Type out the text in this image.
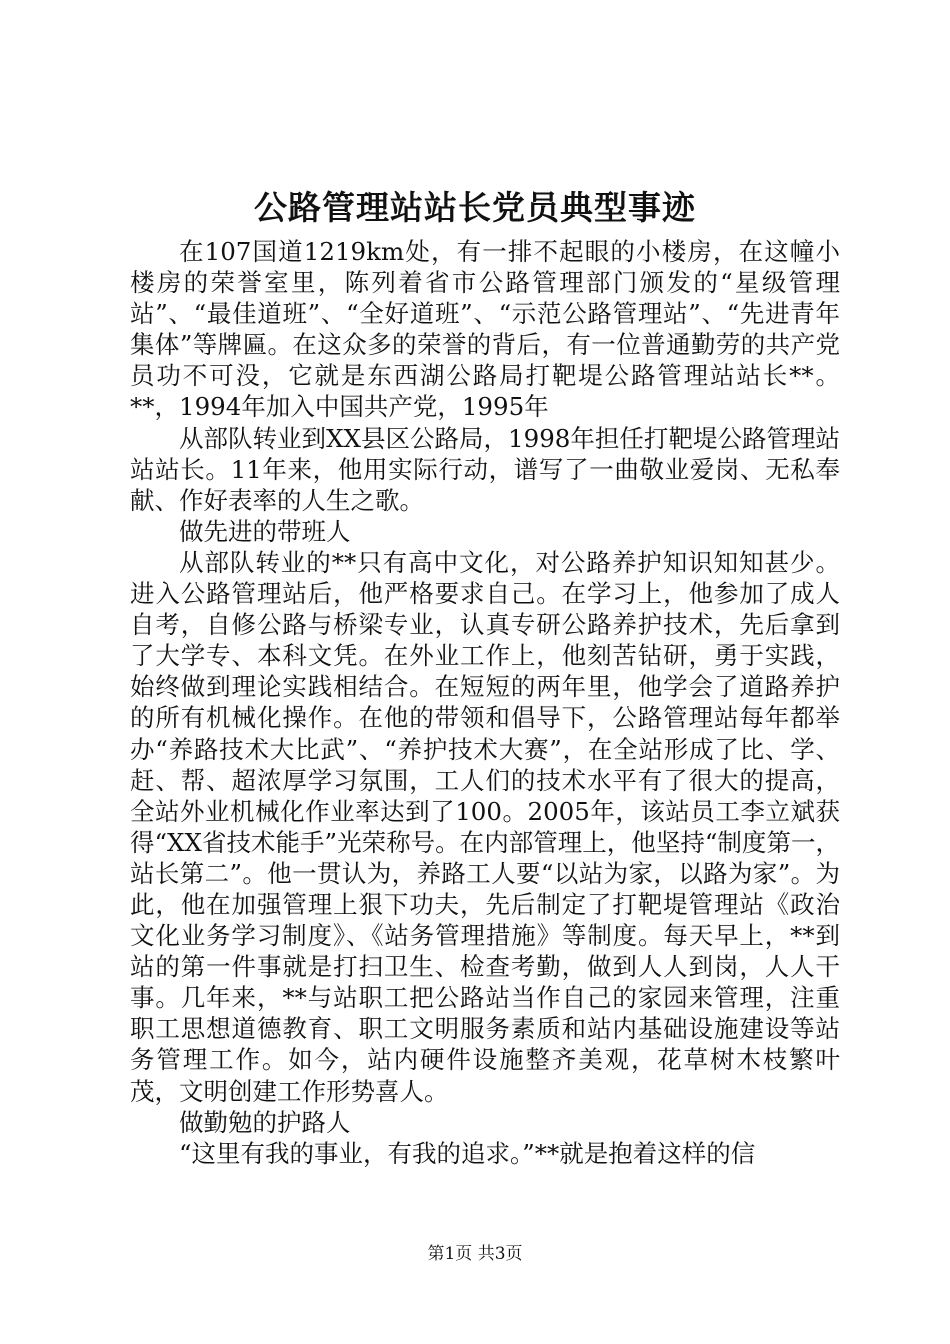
公路管理站站长党员典型事迹

在107国道1219km处，有一排不起眼的小楼房，在这幢小楼房的荣誉室里，陈列着省市公路管理部门颁发的“星级管理站”、“最佳道班”、“全好道班”、“示范公路管理站”、“先进青年集体”等牌匾。在这众多的荣誉的背后，有一位普通勤劳的共产党员功不可没，它就是东西湖公路局打靶堤公路管理站站长**。**，1994年加入中国共产党，1995年

从部队转业到XX县区公路局，1998年担任打靶堤公路管理站站站长。11年来，他用实际行动，谱写了一曲敬业爱岗、无私奉献、作好表率的人生之歌。

做先进的带班人

从部队转业的**只有高中文化，对公路养护知识知知甚少。进入公路管理站后，他严格要求自己。在学习上，他参加了成人自考，自修公路与桥梁专业，认真专研公路养护技术，先后拿到了大学专、本科文凭。在外业工作上，他刻苦钻研，勇于实践，始终做到理论实践相结合。在短短的两年里，他学会了道路养护的所有机械化操作。在他的带领和倡导下，公路管理站每年都举办“养路技术大比武”、“养护技术大赛”，在全站形成了比、学、赶、帮、超浓厚学习氛围，工人们的技术水平有了很大的提高，全站外业机械化作业率达到了100。2005年，该站员工李立斌获得“XX省技术能手”光荣称号。在内部管理上，他坚持“制度第一，站长第二”。他一贯认为，养路工人要“以站为家，以路为家”。为此，他在加强管理上狠下功夫，先后制定了打靶堤管理站《政治文化业务学习制度》、《站务管理措施》等制度。每天早上，**到站的第一件事就是打扫卫生、检查考勤，做到人人到岗，人人干事。几年来，**与站职工把公路站当作自己的家园来管理，注重职工思想道德教育、职工文明服务素质和站内基础设施建设等站务管理工作。如今，站内硬件设施整齐美观，花草树木枝繁叶茂，文明创建工作形势喜人。

做勤勉的护路人

“这里有我的事业，有我的追求。”**就是抱着这样的信

第1页 共3页
